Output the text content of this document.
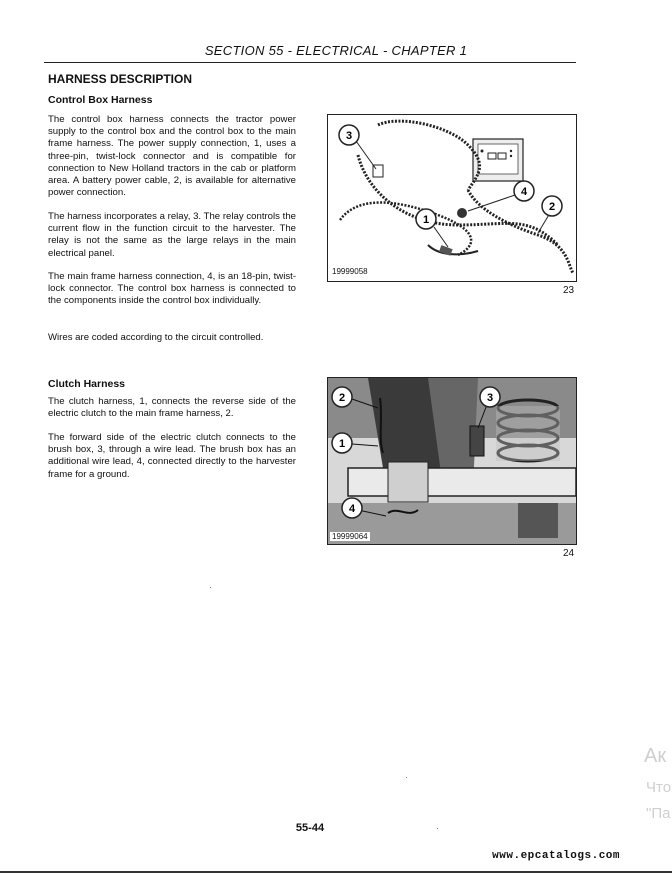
SECTION 55 - ELECTRICAL - CHAPTER 1
HARNESS DESCRIPTION
Control Box Harness
The control box harness connects the tractor power supply to the control box and the control box to the main frame harness. The power supply connection, 1, uses a three-pin, twist-lock connector and is compatible for connection to New Holland tractors in the cab or platform area. A battery power cable, 2, is available for alternative power connection.
The harness incorporates a relay, 3. The relay controls the current flow in the function circuit to the harvester. The relay is not the same as the large relays in the main electrical panel.
The main frame harness connection, 4, is an 18-pin, twist-lock connector. The control box harness is connected to the components inside the control box individually.
Wires are coded according to the circuit controlled.
3
4
1
2
19999058
23
Clutch Harness
The clutch harness, 1, connects the reverse side of the electric clutch to the main frame harness, 2.
The forward side of the electric clutch connects to the brush box, 3, through a wire lead. The brush box has an additional wire lead, 4, connected directly to the harvester frame for a ground.
2	3
1
4
19999064
24
Ак
Что
"Па
55-44
www.epcatalogs.com
